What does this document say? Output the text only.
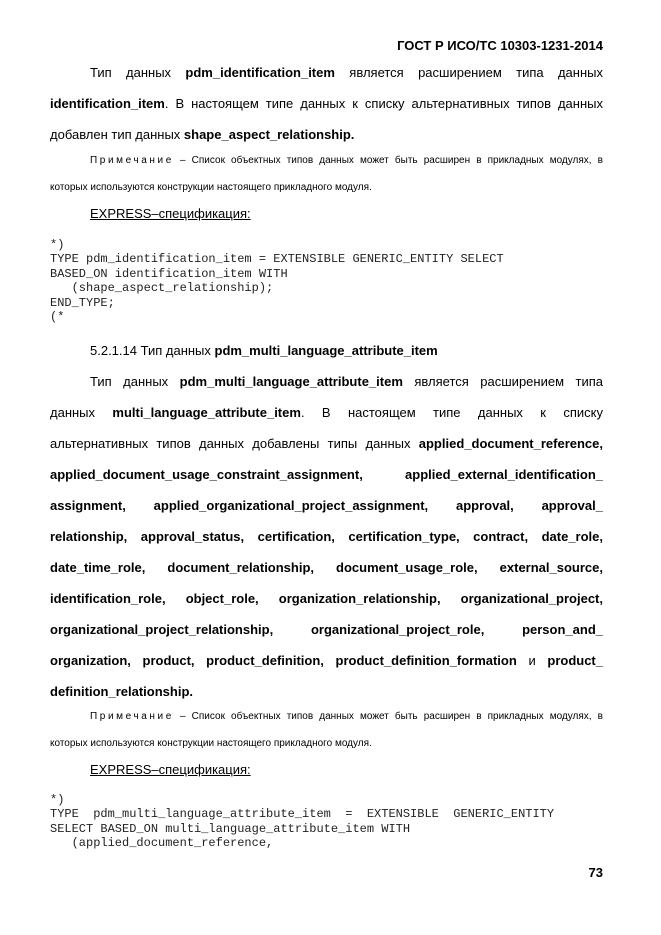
ГОСТ Р ИСО/ТС 10303-1231-2014

Тип данных pdm_identification_item является расширением типа данных identification_item. В настоящем типе данных к списку альтернативных типов данных добавлен тип данных shape_aspect_relationship.

Примечание – Список объектных типов данных может быть расширен в прикладных модулях, в которых используются конструкции настоящего прикладного модуля.

EXPRESS–спецификация:
*)
TYPE pdm_identification_item = EXTENSIBLE GENERIC_ENTITY SELECT
BASED_ON identification_item WITH
(shape_aspect_relationship);
END_TYPE;
(*
5.2.1.14 Тип данных pdm_multi_language_attribute_item

Тип данных pdm_multi_language_attribute_item является расширением типа данных multi_language_attribute_item. В настоящем типе данных к списку альтернативных типов данных добавлены типы данных applied_document_reference, applied_document_usage_constraint_assignment, applied_external_identification_ assignment, applied_organizational_project_assignment, approval, approval_ relationship, approval_status, certification, certification_type, contract, date_role, date_time_role, document_relationship, document_usage_role, external_source, identification_role, object_role, organization_relationship, organizational_project, organizational_project_relationship, organizational_project_role, person_and_ organization, product, product_definition, product_definition_formation и product_ definition_relationship.

Примечание – Список объектных типов данных может быть расширен в прикладных модулях, в которых используются конструкции настоящего прикладного модуля.

EXPRESS–спецификация:
*)
TYPE  pdm_multi_language_attribute_item  =  EXTENSIBLE  GENERIC_ENTITY
SELECT BASED_ON multi_language_attribute_item WITH
(applied_document_reference,
73
